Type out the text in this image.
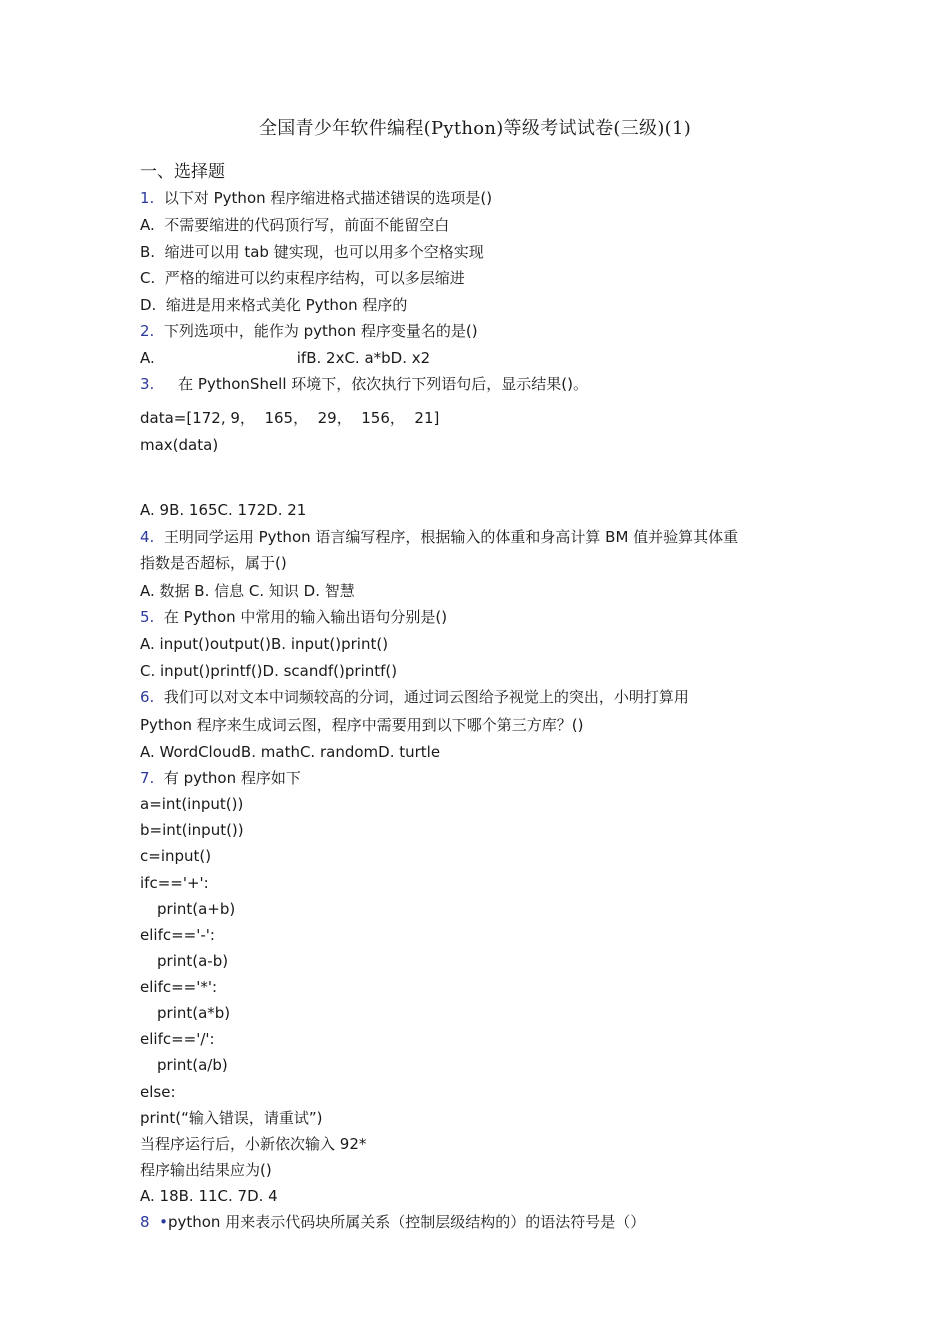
全国青少年软件编程(Python)等级考试试卷(三级)(1)
一、选择题
1. 以下对 Python 程序缩进格式描述错误的选项是()
A.  不需要缩进的代码顶行写，前面不能留空白
B.  缩进可以用 tab 键实现，也可以用多个空格实现
C.  严格的缩进可以约束程序结构，可以多层缩进
D.  缩进是用来格式美化 Python 程序的
2. 下列选项中，能作为 python 程序变量名的是()
A.	ifB. 2xC. a*bD. x2
3. 在 PythonShell 环境下，依次执行下列语句后，显示结果()。
data=[172, 9，  165，  29，  156，  21]
max(data)
A. 9B. 165C. 172D. 21
4. 王明同学运用 Python 语言编写程序，根据输入的体重和身高计算 BM 值并验算其体重
指数是否超标，属于()
A. 数据 B. 信息 C. 知识 D. 智慧
5. 在 Python 中常用的输入输出语句分别是()
A. input()output()B. input()print()
C. input()printf()D. scandf()printf()
6. 我们可以对文本中词频较高的分词，通过词云图给予视觉上的突出，小明打算用
Python 程序来生成词云图，程序中需要用到以下哪个第三方库？()
A. WordCloudB. mathC. randomD. turtle
7. 有 python 程序如下
a=int(input())
b=int(input())
c=input()
ifc=='+':
print(a+b)
elifc=='-':
print(a-b)
elifc=='*':
print(a*b)
elifc=='/':
print(a/b)
else:
print(“输入错误，请重试”)
当程序运行后，小新依次输入 92*
程序输出结果应为()
A. 18B. 11C. 7D. 4
8 •python 用来表示代码块所属关系（控制层级结构的）的语法符号是（）
